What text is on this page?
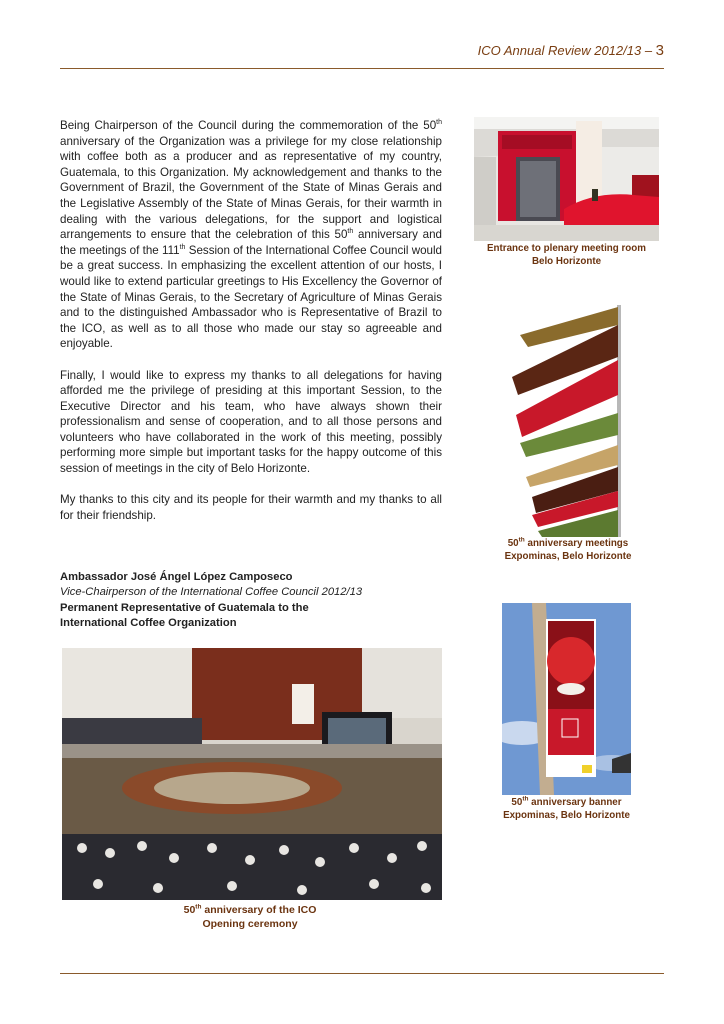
ICO Annual Review 2012/13 – 3

Being Chairperson of the Council during the commemoration of the 50th anniversary of the Organization was a privilege for my close relationship with coffee both as a producer and as representative of my country, Guatemala, to this Organization. My acknowledgement and thanks to the Government of Brazil, the Government of the State of Minas Gerais and the Legislative Assembly of the State of Minas Gerais, for their warmth in dealing with the various delegations, for the support and logistical arrangements to ensure that the celebration of this 50th anniversary and the meetings of the 111th Session of the International Coffee Council would be a great success. In emphasizing the excellent attention of our hosts, I would like to extend particular greetings to His Excellency the Governor of the State of Minas Gerais, to the Secretary of Agriculture of Minas Gerais and to the distinguished Ambassador who is Representative of Brazil to the ICO, as well as to all those who made our stay so agreeable and enjoyable.

Finally, I would like to express my thanks to all delegations for having afforded me the privilege of presiding at this important Session, to the Executive Director and his team, who have always shown their professionalism and sense of cooperation, and to all those persons and volunteers who have collaborated in the work of this meeting, possibly performing more simple but important tasks for the happy outcome of this session of meetings in the city of Belo Horizonte.

My thanks to this city and its people for their warmth and my thanks to all for their friendship.

Ambassador José Ángel López Camposeco
Vice-Chairperson of the International Coffee Council 2012/13
Permanent Representative of Guatemala to the
International Coffee Organization
Entrance to plenary meeting room
Belo Horizonte
50th anniversary meetings
Expominas, Belo Horizonte
50th anniversary banner
Expominas, Belo Horizonte
50th anniversary of the ICO
Opening ceremony
